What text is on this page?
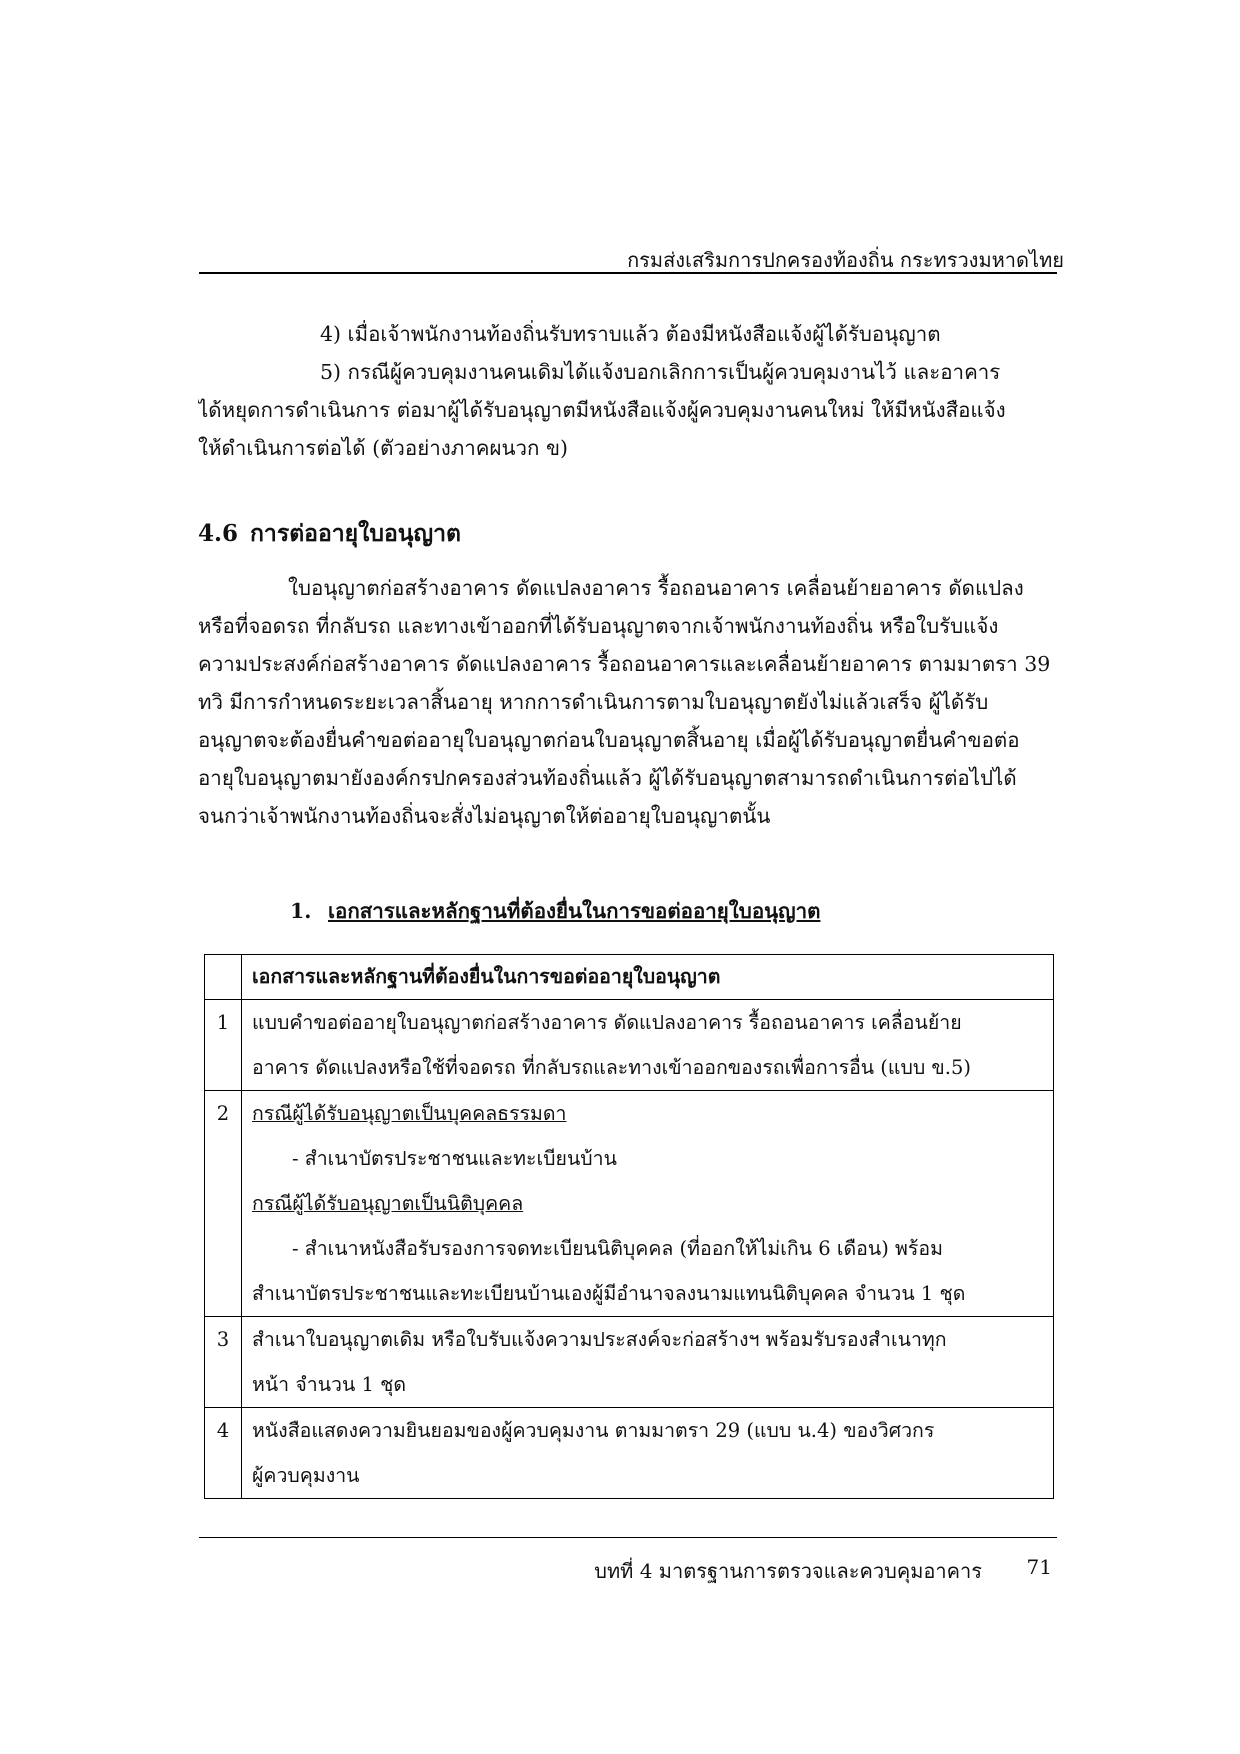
กรมส่งเสริมการปกครองท้องถิ่น กระทรวงมหาดไทย
4) เมื่อเจ้าพนักงานท้องถิ่นรับทราบแล้ว ต้องมีหนังสือแจ้งผู้ได้รับอนุญาต
5) กรณีผู้ควบคุมงานคนเดิมได้แจ้งบอกเลิกการเป็นผู้ควบคุมงานไว้ และอาคาร
ได้หยุดการดำเนินการ ต่อมาผู้ได้รับอนุญาตมีหนังสือแจ้งผู้ควบคุมงานคนใหม่ ให้มีหนังสือแจ้ง
ให้ดำเนินการต่อได้ (ตัวอย่างภาคผนวก ข)
4.6 การต่ออายุใบอนุญาต
ใบอนุญาตก่อสร้างอาคาร ดัดแปลงอาคาร รื้อถอนอาคาร เคลื่อนย้ายอาคาร ดัดแปลง
หรือที่จอดรถ ที่กลับรถ และทางเข้าออกที่ได้รับอนุญาตจากเจ้าพนักงานท้องถิ่น หรือใบรับแจ้ง
ความประสงค์ก่อสร้างอาคาร ดัดแปลงอาคาร รื้อถอนอาคารและเคลื่อนย้ายอาคาร ตามมาตรา 39
ทวิ มีการกำหนดระยะเวลาสิ้นอายุ หากการดำเนินการตามใบอนุญาตยังไม่แล้วเสร็จ ผู้ได้รับ
อนุญาตจะต้องยื่นคำขอต่ออายุใบอนุญาตก่อนใบอนุญาตสิ้นอายุ เมื่อผู้ได้รับอนุญาตยื่นคำขอต่อ
อายุใบอนุญาตมายังองค์กรปกครองส่วนท้องถิ่นแล้ว ผู้ได้รับอนุญาตสามารถดำเนินการต่อไปได้
จนกว่าเจ้าพนักงานท้องถิ่นจะสั่งไม่อนุญาตให้ต่ออายุใบอนุญาตนั้น
1. เอกสารและหลักฐานที่ต้องยื่นในการขอต่ออายุใบอนุญาต
	เอกสารและหลักฐานที่ต้องยื่นในการขอต่ออายุใบอนุญาต
1	แบบคำขอต่ออายุใบอนุญาตก่อสร้างอาคาร ดัดแปลงอาคาร รื้อถอนอาคาร เคลื่อนย้าย
อาคาร ดัดแปลงหรือใช้ที่จอดรถ ที่กลับรถและทางเข้าออกของรถเพื่อการอื่น (แบบ ข.5)

2	กรณีผู้ได้รับอนุญาตเป็นบุคคลธรรมดา
- สำเนาบัตรประชาชนและทะเบียนบ้าน
กรณีผู้ได้รับอนุญาตเป็นนิติบุคคล
- สำเนาหนังสือรับรองการจดทะเบียนนิติบุคคล (ที่ออกให้ไม่เกิน 6 เดือน) พร้อม
สำเนาบัตรประชาชนและทะเบียนบ้านเองผู้มีอำนาจลงนามแทนนิติบุคคล จำนวน 1 ชุด

3	สำเนาใบอนุญาตเดิม หรือใบรับแจ้งความประสงค์จะก่อสร้างฯ พร้อมรับรองสำเนาทุก
หน้า จำนวน 1 ชุด

4	หนังสือแสดงความยินยอมของผู้ควบคุมงาน ตามมาตรา 29 (แบบ น.4) ของวิศวกร
ผู้ควบคุมงาน
บทที่ 4 มาตรฐานการตรวจและควบคุมอาคาร 71
